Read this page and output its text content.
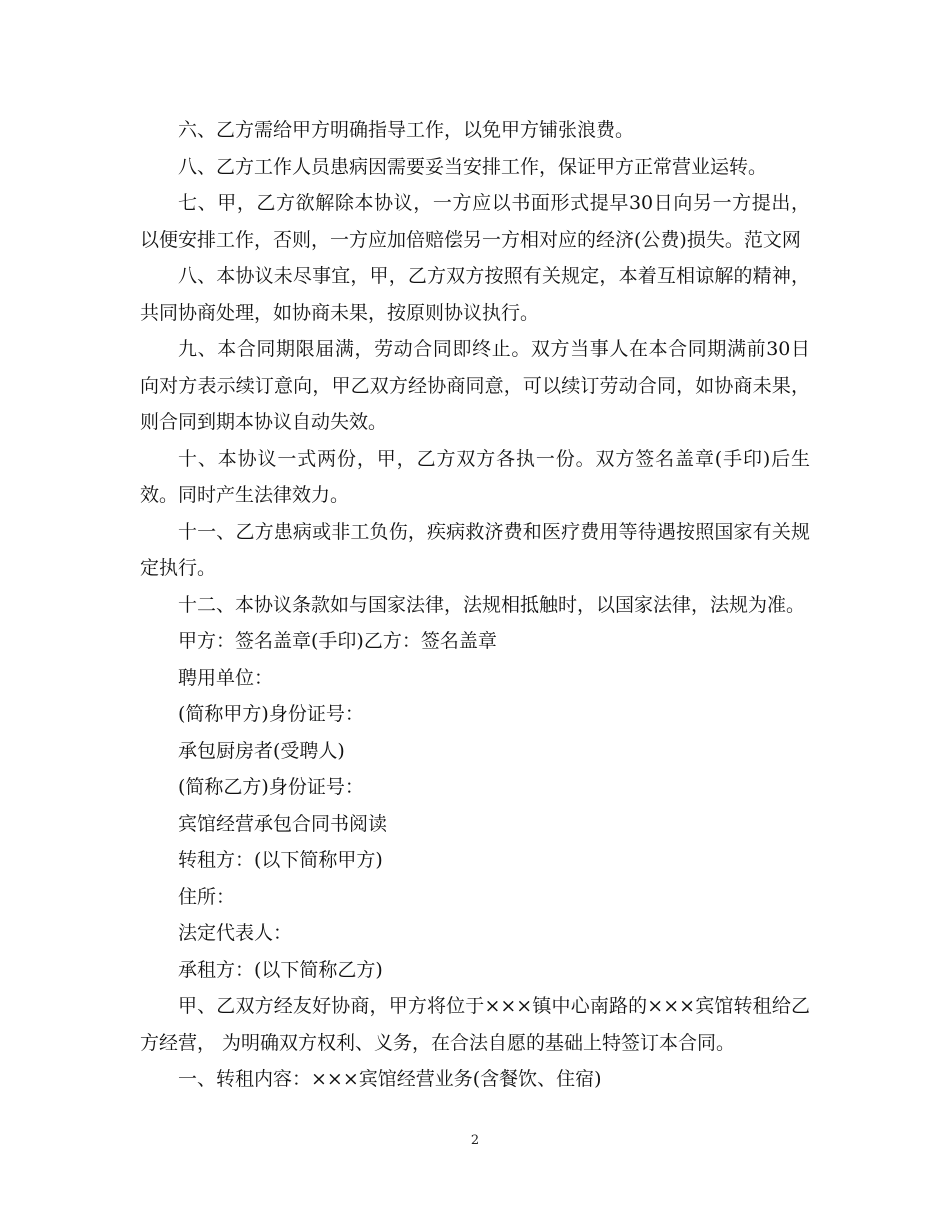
六、乙方需给甲方明确指导工作，以免甲方铺张浪费。

八、乙方工作人员患病因需要妥当安排工作，保证甲方正常营业运转。

七、甲，乙方欲解除本协议，一方应以书面形式提早30日向另一方提出，以便安排工作，否则，一方应加倍赔偿另一方相对应的经济(公费)损失。范文网

八、本协议未尽事宜，甲，乙方双方按照有关规定，本着互相谅解的精神，共同协商处理，如协商未果，按原则协议执行。

九、本合同期限届满，劳动合同即终止。双方当事人在本合同期满前30日向对方表示续订意向，甲乙双方经协商同意，可以续订劳动合同，如协商未果，则合同到期本协议自动失效。

十、本协议一式两份，甲，乙方双方各执一份。双方签名盖章(手印)后生效。同时产生法律效力。

十一、乙方患病或非工负伤，疾病救济费和医疗费用等待遇按照国家有关规定执行。

十二、本协议条款如与国家法律，法规相抵触时，以国家法律，法规为准。

甲方：签名盖章(手印)乙方：签名盖章

聘用单位：

(简称甲方)身份证号：

承包厨房者(受聘人)

(简称乙方)身份证号：

宾馆经营承包合同书阅读

转租方：(以下简称甲方)

住所：

法定代表人：

承租方：(以下简称乙方)

甲、乙双方经友好协商，甲方将位于×××镇中心南路的×××宾馆转租给乙方经营， 为明确双方权利、义务，在合法自愿的基础上特签订本合同。

一、转租内容：×××宾馆经营业务(含餐饮、住宿)

2
